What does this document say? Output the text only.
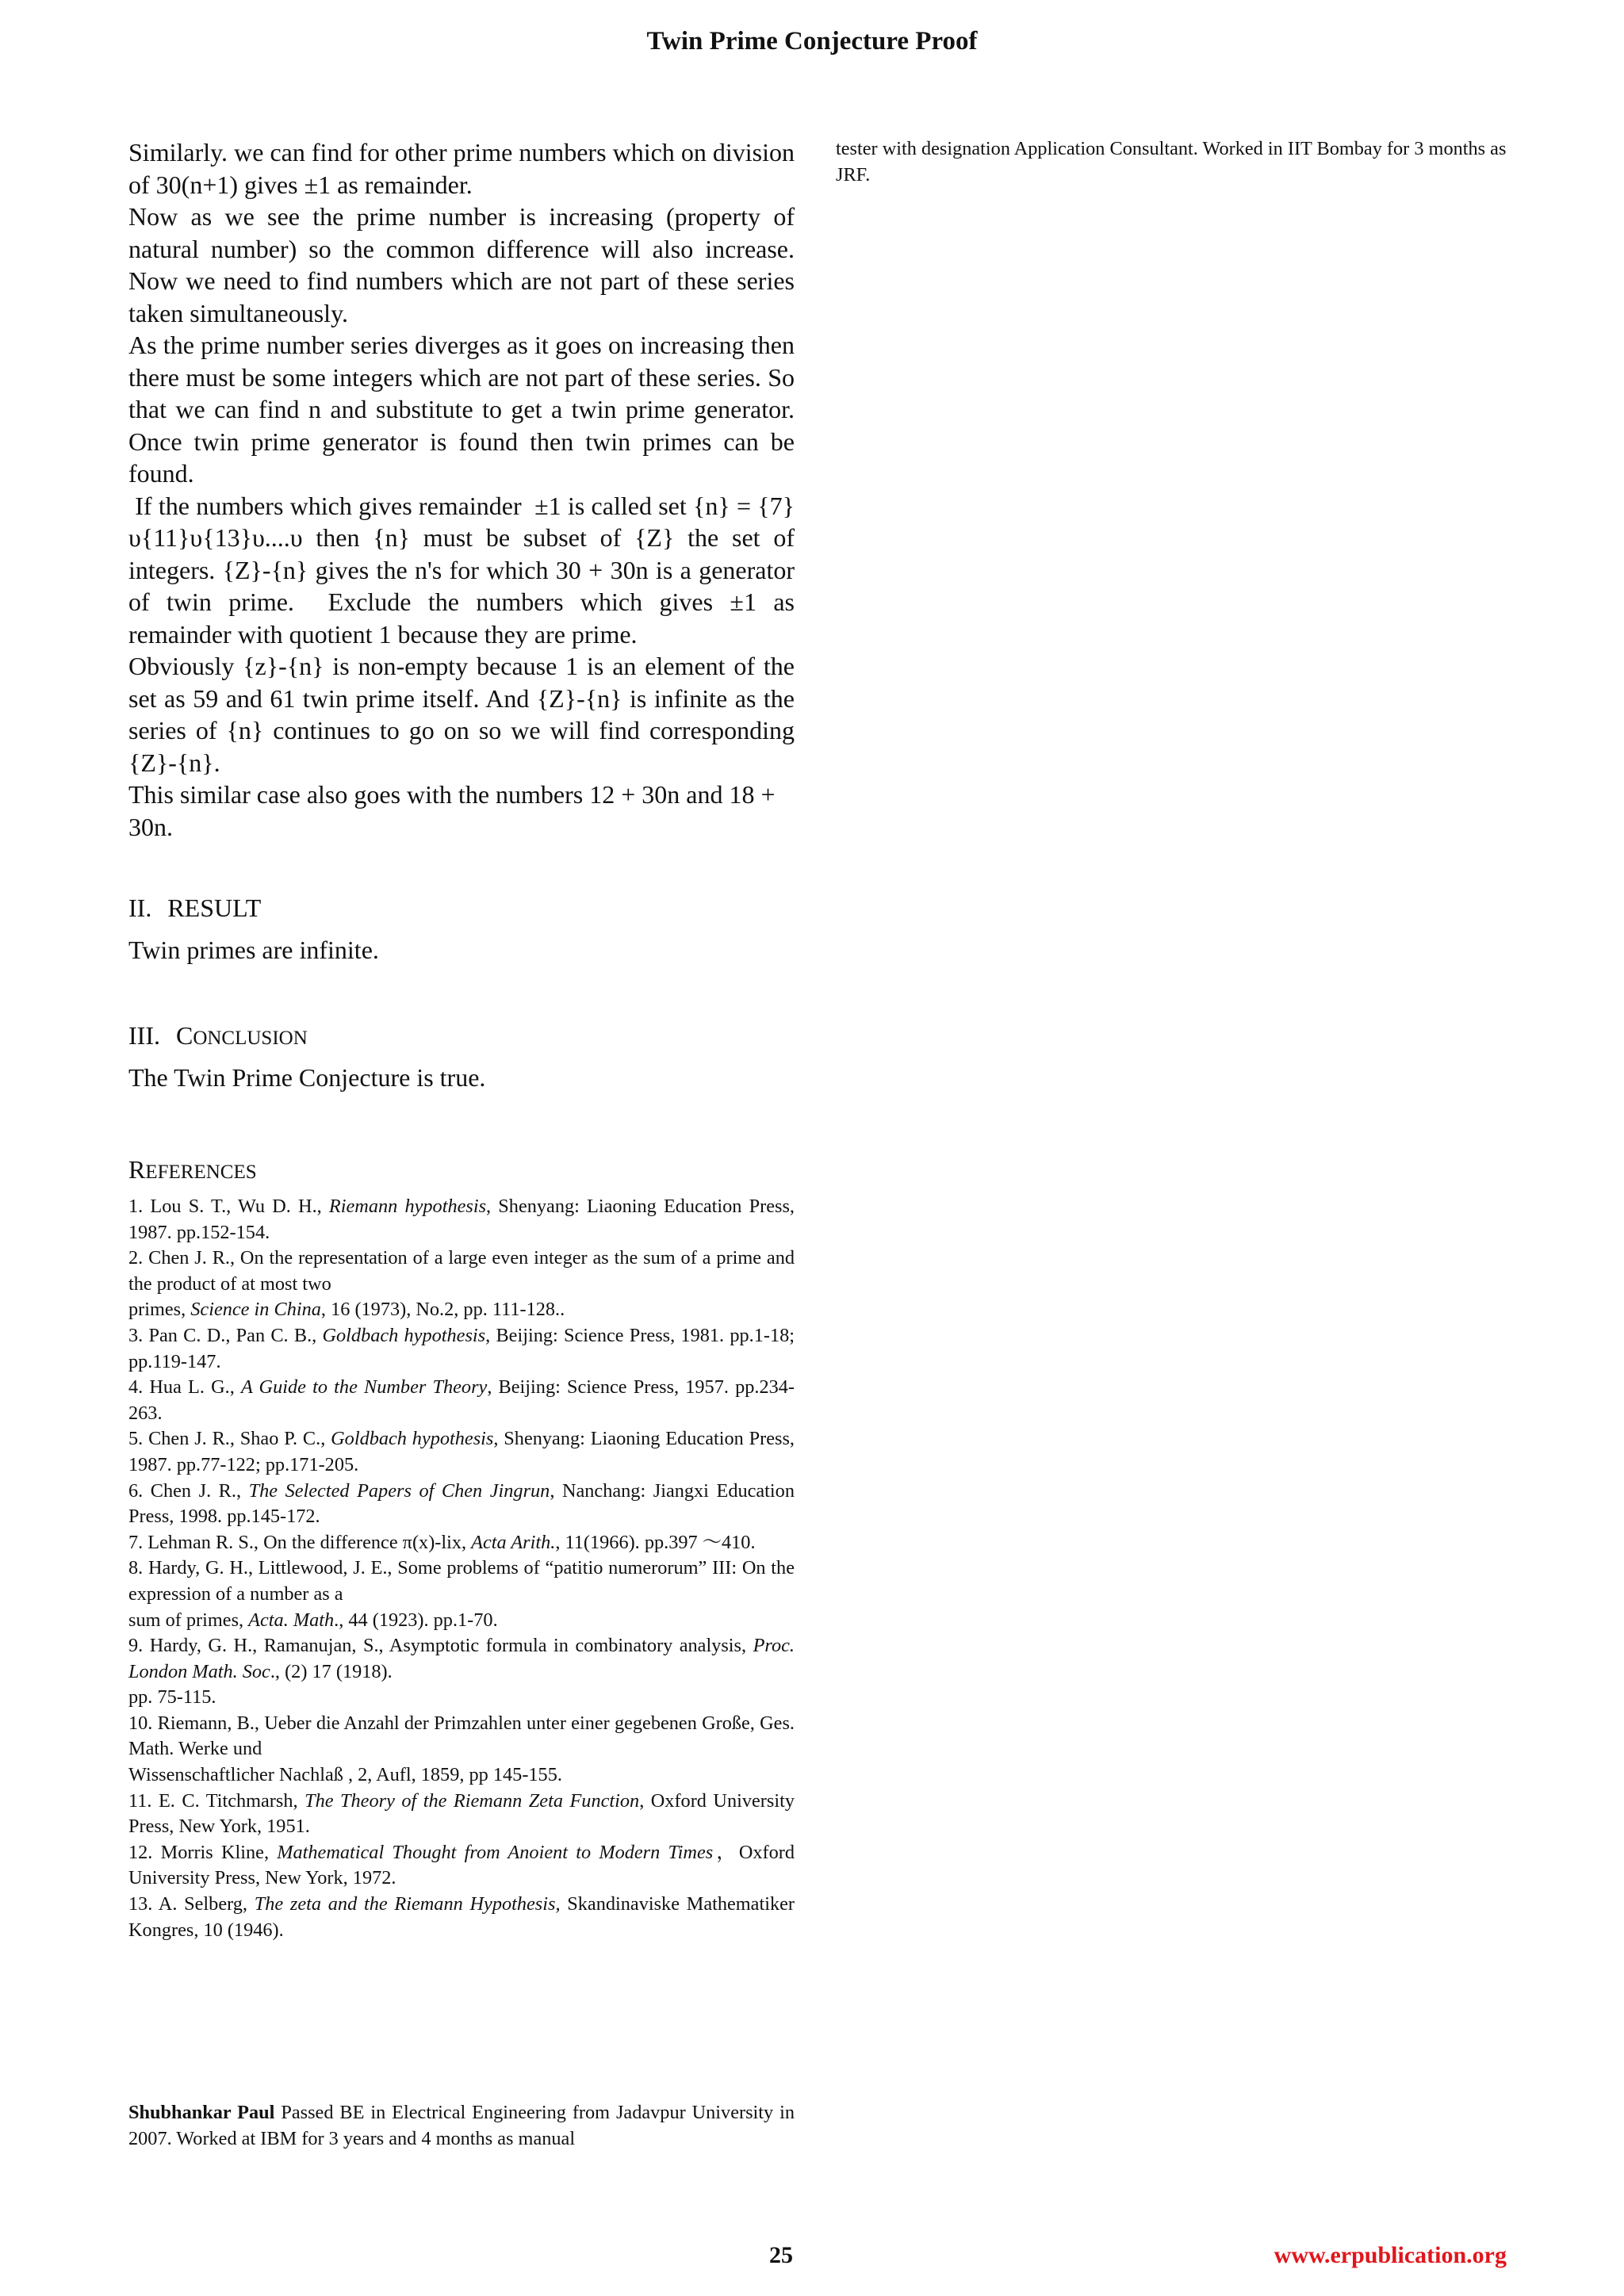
Twin Prime Conjecture Proof

Similarly. we can find for other prime numbers which on division of 30(n+1) gives ±1 as remainder.

Now as we see the prime number is increasing (property of natural number) so the common difference will also increase. Now we need to find numbers which are not part of these series taken simultaneously.

As the prime number series diverges as it goes on increasing then there must be some integers which are not part of these series. So that we can find n and substitute to get a twin prime generator. Once twin prime generator is found then twin primes can be found.

If the numbers which gives remainder  ±1 is called set {n} = {7}υ{11}υ{13}υ....υ then {n} must be subset of {Z} the set of integers. {Z}-{n} gives the n's for which 30 + 30n is a generator of twin prime.  Exclude the numbers which gives ±1 as remainder with quotient 1 because they are prime.

Obviously {z}-{n} is non-empty because 1 is an element of the set as 59 and 61 twin prime itself. And {Z}-{n} is infinite as the series of {n} continues to go on so we will find corresponding {Z}-{n}.

This similar case also goes with the numbers 12 + 30n and 18 + 30n.

II. RESULT
Twin primes are infinite.
III. CONCLUSION
The Twin Prime Conjecture is true.
REFERENCES
1. Lou S. T., Wu D. H., Riemann hypothesis, Shenyang: Liaoning Education Press, 1987. pp.152-154.
2. Chen J. R., On the representation of a large even integer as the sum of a prime and the product of at most two
primes, Science in China, 16 (1973), No.2, pp. 111-128..
3. Pan C. D., Pan C. B., Goldbach hypothesis, Beijing: Science Press, 1981. pp.1-18; pp.119-147.
4. Hua L. G., A Guide to the Number Theory, Beijing: Science Press, 1957. pp.234-263.
5. Chen J. R., Shao P. C., Goldbach hypothesis, Shenyang: Liaoning Education Press, 1987. pp.77-122; pp.171-205.
6. Chen J. R., The Selected Papers of Chen Jingrun, Nanchang: Jiangxi Education Press, 1998. pp.145-172.
7. Lehman R. S., On the difference π(x)-lix, Acta Arith., 11(1966). pp.397 ～410.
8. Hardy, G. H., Littlewood, J. E., Some problems of “patitio numerorum” III: On the expression of a number as a
sum of primes, Acta. Math., 44 (1923). pp.1-70.
9. Hardy, G. H., Ramanujan, S., Asymptotic formula in combinatory analysis, Proc. London Math. Soc., (2) 17 (1918).
pp. 75-115.
10. Riemann, B., Ueber die Anzahl der Primzahlen unter einer gegebenen Große, Ges. Math. Werke und
Wissenschaftlicher Nachlaß , 2, Aufl, 1859, pp 145-155.
11. E. C. Titchmarsh, The Theory of the Riemann Zeta Function, Oxford University Press, New York, 1951.
12. Morris Kline, Mathematical Thought from Anoient to Modern Times，Oxford University Press, New York, 1972.
13. A. Selberg, The zeta and the Riemann Hypothesis, Skandinaviske Mathematiker Kongres, 10 (1946).
Shubhankar Paul Passed BE in Electrical Engineering from Jadavpur University in 2007. Worked at IBM for 3 years and 4 months as manual
tester with designation Application Consultant. Worked in IIT Bombay for 3 months as JRF.
25	www.erpublication.org
